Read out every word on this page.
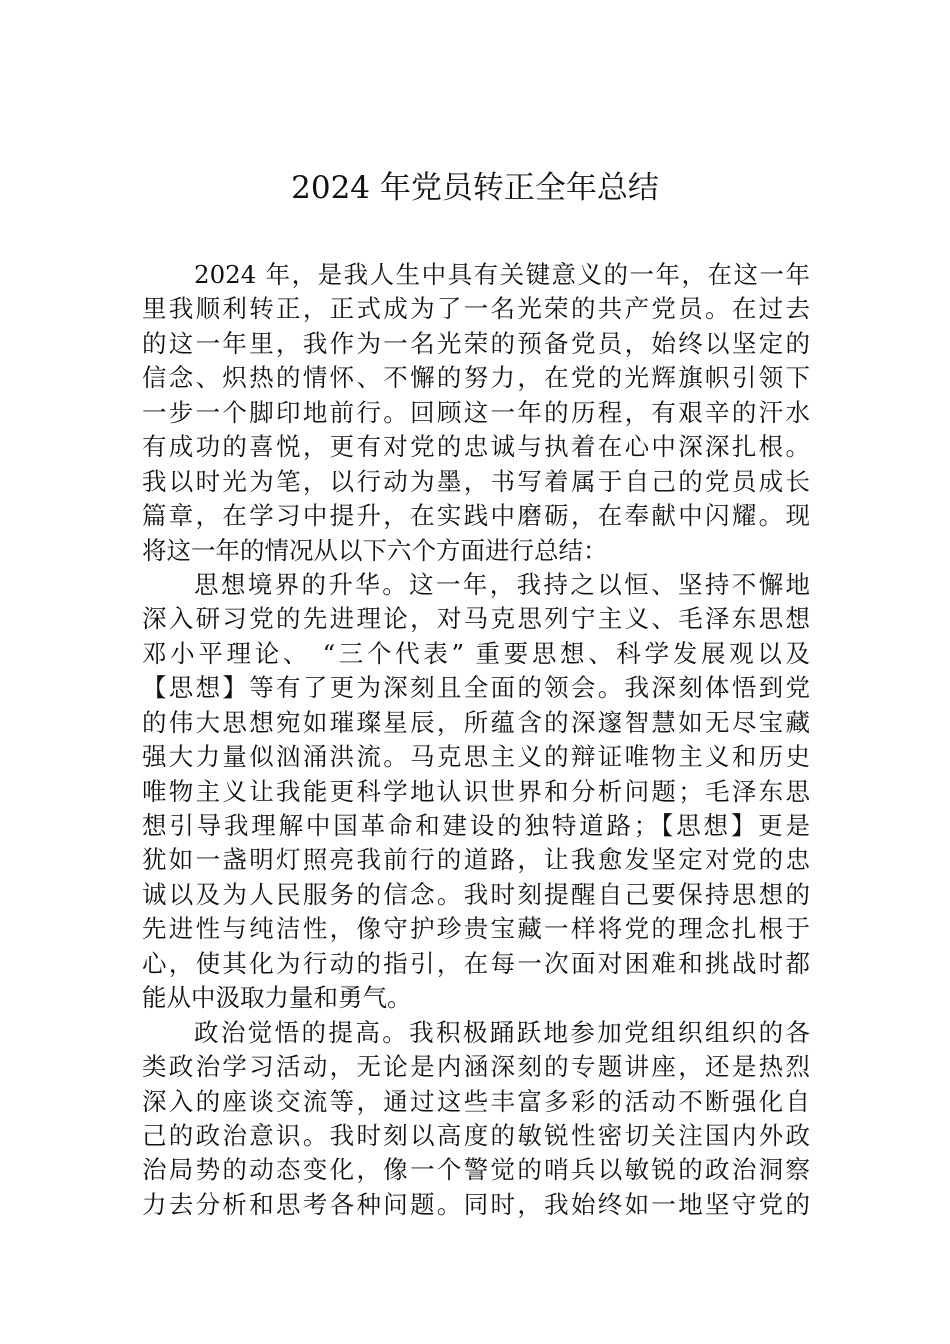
2024 年党员转正全年总结
2024 年，是我人生中具有关键意义的一年，在这一年
里我顺利转正，正式成为了一名光荣的共产党员。在过去
的这一年里，我作为一名光荣的预备党员，始终以坚定的
信念、炽热的情怀、不懈的努力，在党的光辉旗帜引领下
一步一个脚印地前行。回顾这一年的历程，有艰辛的汗水
有成功的喜悦，更有对党的忠诚与执着在心中深深扎根。
我以时光为笔，以行动为墨，书写着属于自己的党员成长
篇章，在学习中提升，在实践中磨砺，在奉献中闪耀。现
将这一年的情况从以下六个方面进行总结：
思想境界的升华。这一年，我持之以恒、坚持不懈地
深入研习党的先进理论，对马克思列宁主义、毛泽东思想
邓小平理论、 “三个代表” 重要思想、科学发展观以及
【思想】等有了更为深刻且全面的领会。我深刻体悟到党
的伟大思想宛如璀璨星辰，所蕴含的深邃智慧如无尽宝藏
强大力量似汹涌洪流。马克思主义的辩证唯物主义和历史
唯物主义让我能更科学地认识世界和分析问题；毛泽东思
想引导我理解中国革命和建设的独特道路；【思想】更是
犹如一盏明灯照亮我前行的道路，让我愈发坚定对党的忠
诚以及为人民服务的信念。我时刻提醒自己要保持思想的
先进性与纯洁性，像守护珍贵宝藏一样将党的理念扎根于
心，使其化为行动的指引，在每一次面对困难和挑战时都
能从中汲取力量和勇气。
政治觉悟的提高。我积极踊跃地参加党组织组织的各
类政治学习活动，无论是内涵深刻的专题讲座，还是热烈
深入的座谈交流等，通过这些丰富多彩的活动不断强化自
己的政治意识。我时刻以高度的敏锐性密切关注国内外政
治局势的动态变化，像一个警觉的哨兵以敏锐的政治洞察
力去分析和思考各种问题。同时，我始终如一地坚守党的
